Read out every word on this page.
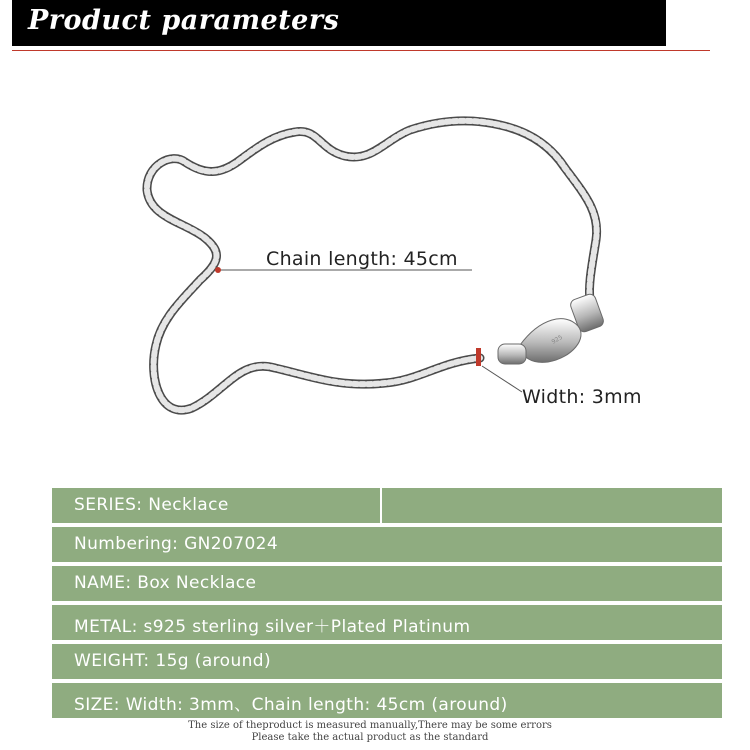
Product parameters
925
Chain length: 45cm
Width: 3mm
SERIES: Necklace
Numbering: GN207024
NAME: Box Necklace
METAL: s925 sterling silver＋Plated Platinum
WEIGHT: 15g (around)
SIZE: Width: 3mm、Chain length: 45cm (around)
The size of theproduct is measured manually,There may be some errors
Please take the actual product as the standard
